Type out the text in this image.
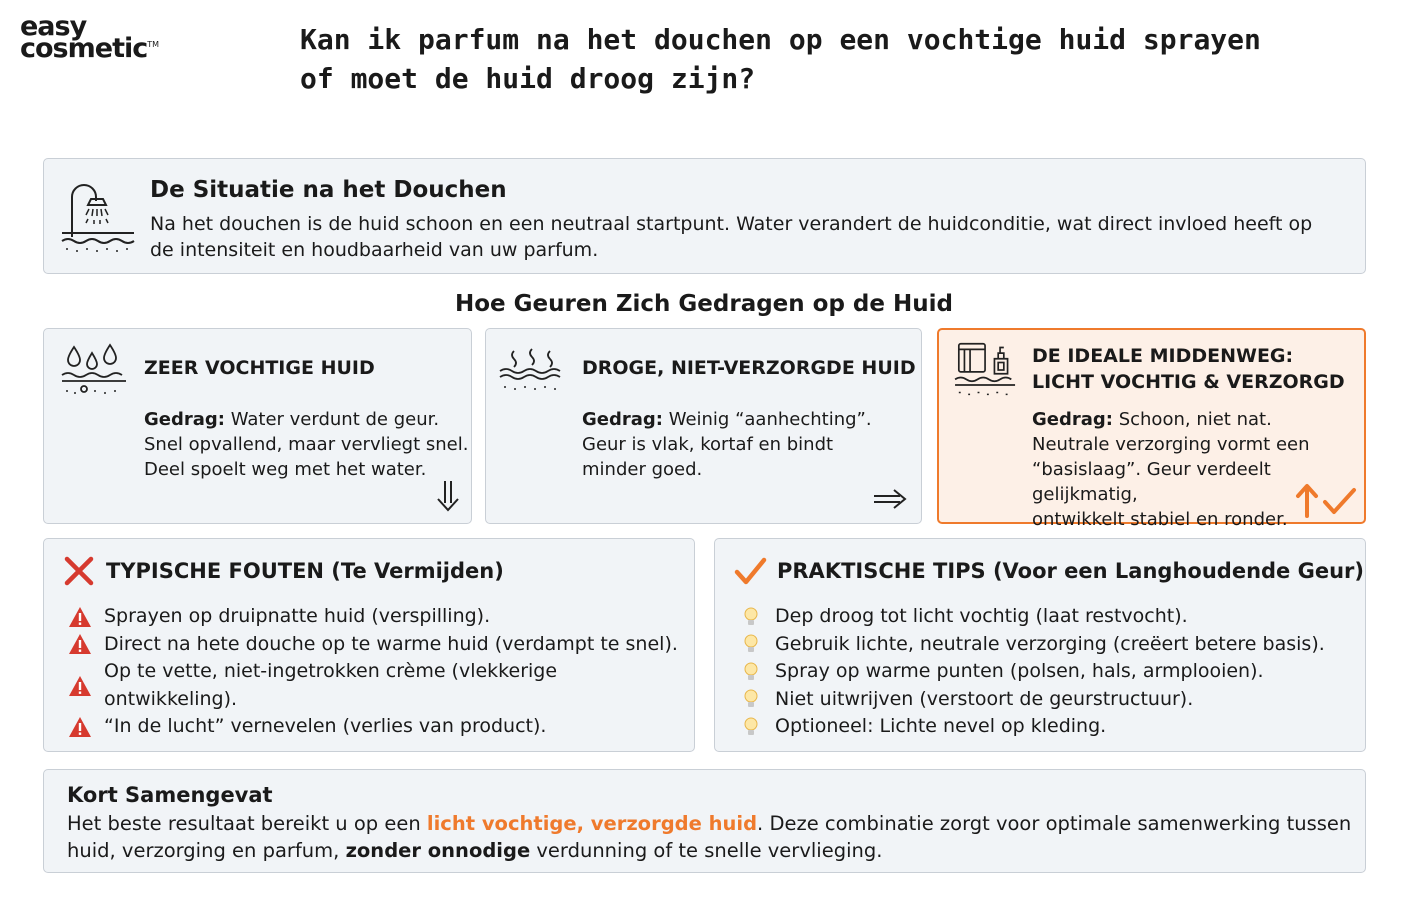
easy
cosmetic™	Kan ik parfum na het douchen op een vochtige huid sprayen of moet de huid droog zijn?
De Situatie na het Douchen
Na het douchen is de huid schoon en een neutraal startpunt. Water verandert de huidconditie, wat direct invloed heeft op de intensiteit en houdbaarheid van uw parfum.
Hoe Geuren Zich Gedragen op de Huid
ZEER VOCHTIGE HUID
Gedrag: Water verdunt de geur.
Snel opvallend, maar vervliegt snel.
Deel spoelt weg met het water.
DROGE, NIET-VERZORGDE HUID
Gedrag: Weinig “aanhechting”.
Geur is vlak, kortaf en bindt
minder goed.
DE IDEALE MIDDENWEG:
LICHT VOCHTIG & VERZORGD
Gedrag: Schoon, niet nat.
Neutrale verzorging vormt een
“basislaag”. Geur verdeelt gelijkmatig,
ontwikkelt stabiel en ronder.
TYPISCHE FOUTEN (Te Vermijden)
Sprayen op druipnatte huid (verspilling).
Direct na hete douche op te warme huid (verdampt te snel).
Op te vette, niet-ingetrokken crème (vlekkerige ontwikkeling).
“In de lucht” vernevelen (verlies van product).
PRAKTISCHE TIPS (Voor een Langhoudende Geur)
Dep droog tot licht vochtig (laat restvocht).
Gebruik lichte, neutrale verzorging (creëert betere basis).
Spray op warme punten (polsen, hals, armplooien).
Niet uitwrijven (verstoort de geurstructuur).
Optioneel: Lichte nevel op kleding.
Kort Samengevat
Het beste resultaat bereikt u op een licht vochtige, verzorgde huid. Deze combinatie zorgt voor optimale samenwerking tussen huid, verzorging en parfum, zonder onnodige verdunning of te snelle vervlieging.
